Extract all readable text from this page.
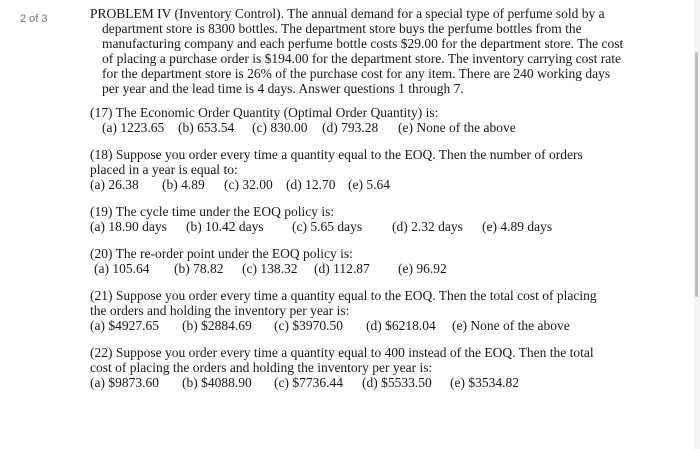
2 of 3	PROBLEM IV (Inventory Control). The annual demand for a special type of perfume sold by a
department store is 8300 bottles. The department store buys the perfume bottles from the
manufacturing company and each perfume bottle costs $29.00 for the department store. The cost
of placing a purchase order is $194.00 for the department store. The inventory carrying cost rate
for the department store is 26% of the purchase cost for any item. There are 240 working days
per year and the lead time is 4 days. Answer questions 1 through 7.
(17) The Economic Order Quantity (Optimal Order Quantity) is:
(a) 1223.65 (b) 653.54 (c) 830.00 (d) 793.28 (e) None of the above
(18) Suppose you order every time a quantity equal to the EOQ. Then the number of orders
placed in a year is equal to:
(a) 26.38 (b) 4.89 (c) 32.00 (d) 12.70 (e) 5.64
(19) The cycle time under the EOQ policy is:
(a) 18.90 days (b) 10.42 days (c) 5.65 days (d) 2.32 days (e) 4.89 days
(20) The re-order point under the EOQ policy is:
(a) 105.64 (b) 78.82 (c) 138.32 (d) 112.87 (e) 96.92
(21) Suppose you order every time a quantity equal to the EOQ. Then the total cost of placing
the orders and holding the inventory per year is:
(a) $4927.65 (b) $2884.69 (c) $3970.50 (d) $6218.04 (e) None of the above
(22) Suppose you order every time a quantity equal to 400 instead of the EOQ. Then the total
cost of placing the orders and holding the inventory per year is:
(a) $9873.60 (b) $4088.90 (c) $7736.44 (d) $5533.50 (e) $3534.82
